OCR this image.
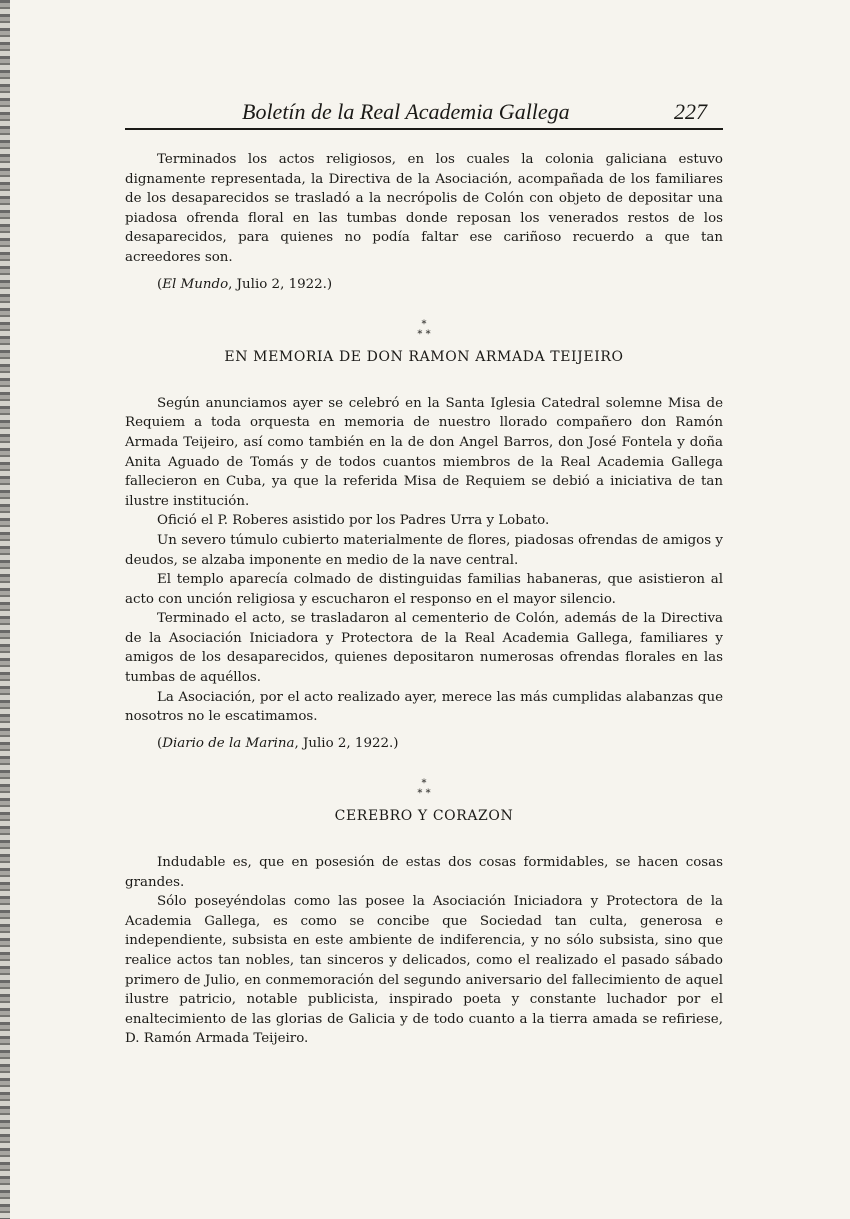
Boletín de la Real Academia Gallega	227

Terminados los actos religiosos, en los cuales la colonia galiciana estuvo dignamente representada, la Directiva de la Asociación, acompañada de los familiares de los desaparecidos se trasladó a la necrópolis de Colón con objeto de depositar una piadosa ofrenda floral en las tumbas donde reposan los venerados restos de los desaparecidos, para quienes no podía faltar ese cariñoso recuerdo a que tan acreedores son.

(El Mundo, Julio 2, 1922.)
*
* *
EN MEMORIA DE DON RAMON ARMADA TEIJEIRO

Según anunciamos ayer se celebró en la Santa Iglesia Catedral solemne Misa de Requiem a toda orquesta en memoria de nuestro llorado compañero don Ramón Armada Teijeiro, así como también en la de don Angel Barros, don José Fontela y doña Anita Aguado de Tomás y de todos cuantos miembros de la Real Academia Gallega fallecieron en Cuba, ya que la referida Misa de Requiem se debió a iniciativa de tan ilustre institución.

Ofició el P. Roberes asistido por los Padres Urra y Lobato.

Un severo túmulo cubierto materialmente de flores, piadosas ofrendas de amigos y deudos, se alzaba imponente en medio de la nave central.

El templo aparecía colmado de distinguidas familias habaneras, que asistieron al acto con unción religiosa y escucharon el responso en el mayor silencio.

Terminado el acto, se trasladaron al cementerio de Colón, además de la Directiva de la Asociación Iniciadora y Protectora de la Real Academia Gallega, familiares y amigos de los desaparecidos, quienes depositaron numerosas ofrendas florales en las tumbas de aquéllos.

La Asociación, por el acto realizado ayer, merece las más cumplidas alabanzas que nosotros no le escatimamos.

(Diario de la Marina, Julio 2, 1922.)
*
* *
CEREBRO Y CORAZON

Indudable es, que en posesión de estas dos cosas formidables, se hacen cosas grandes.

Sólo poseyéndolas como las posee la Asociación Iniciadora y Protectora de la Academia Gallega, es como se concibe que Sociedad tan culta, generosa e independiente, subsista en este ambiente de indiferencia, y no sólo subsista, sino que realice actos tan nobles, tan sinceros y delicados, como el realizado el pasado sábado primero de Julio, en conmemoración del segundo aniversario del fallecimiento de aquel ilustre patricio, notable publicista, inspirado poeta y constante luchador por el enaltecimiento de las glorias de Galicia y de todo cuanto a la tierra amada se refiriese, D. Ramón Armada Teijeiro.
